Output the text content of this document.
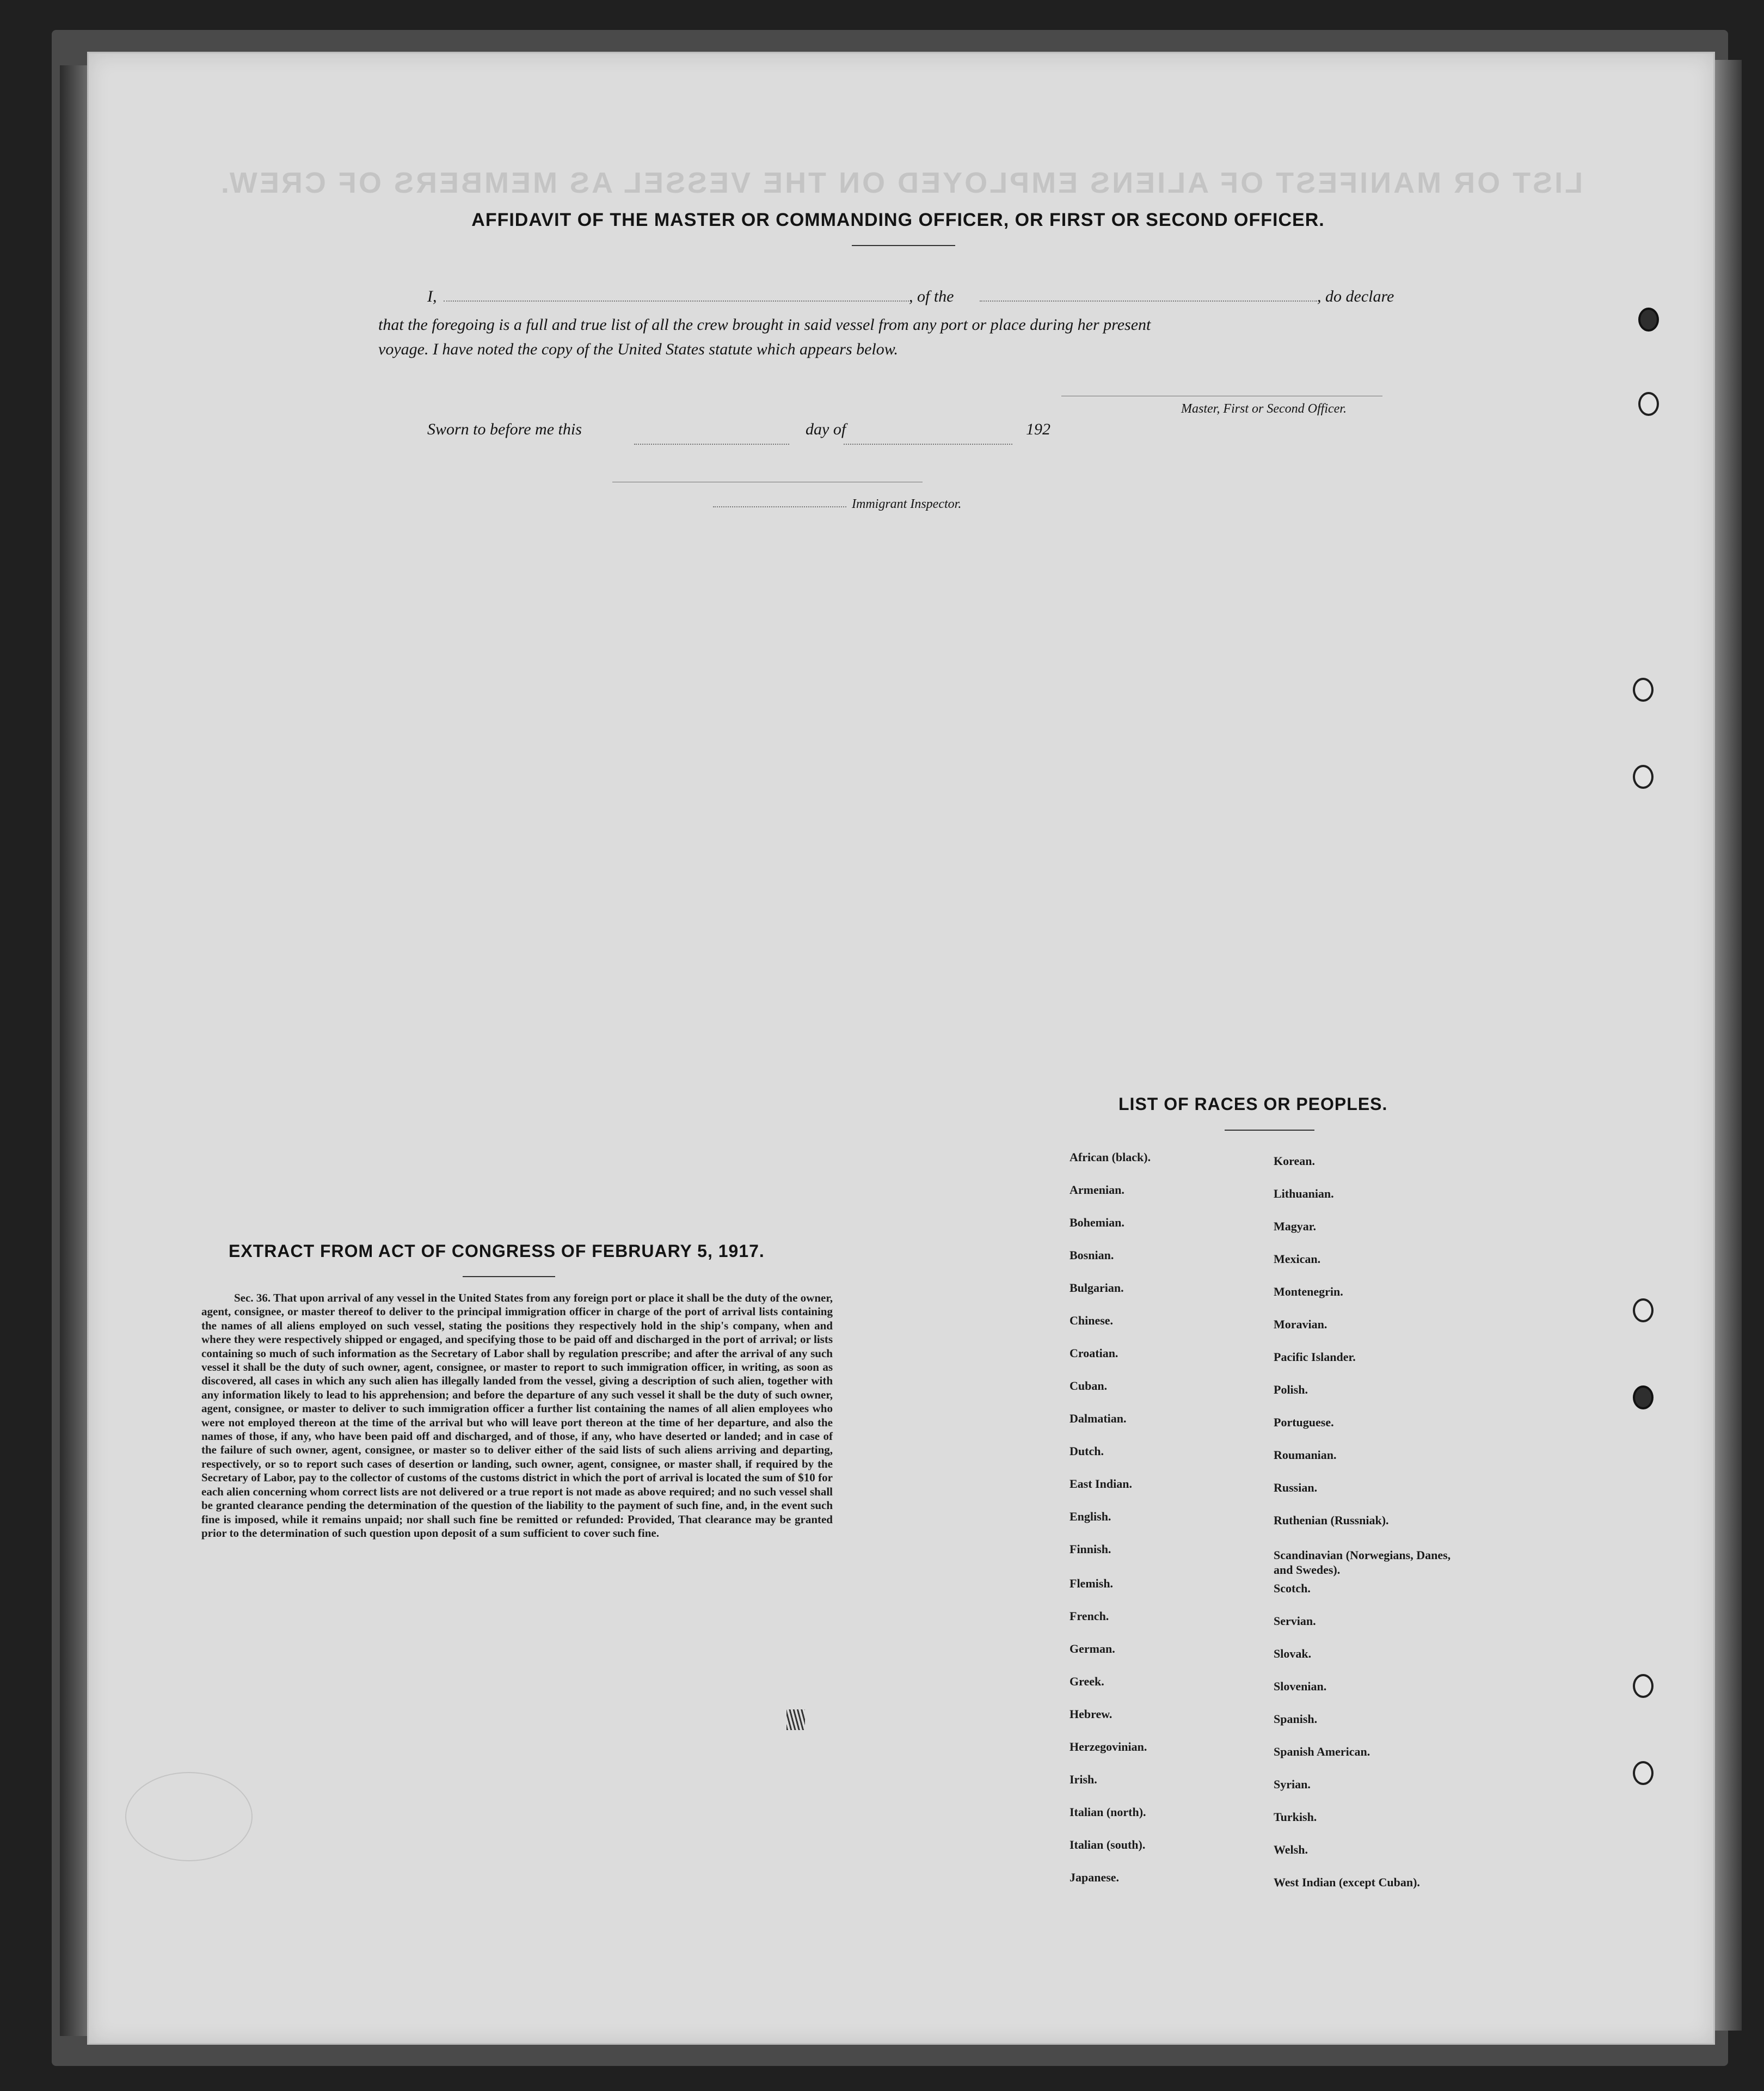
LIST OR MANIFEST OF ALIENS EMPLOYED ON THE VESSEL AS MEMBERS OF CREW.
AFFIDAVIT OF THE MASTER OR COMMANDING OFFICER, OR FIRST OR SECOND OFFICER.
I,	, of the	, do declare
that the foregoing is a full and true list of all the crew brought in said vessel from any port or place during her present
voyage. I have noted the copy of the United States statute which appears below.
Master, First or Second Officer.
Sworn to before me this	day of	192
Immigrant Inspector.
EXTRACT FROM ACT OF CONGRESS OF FEBRUARY 5, 1917.
Sec. 36. That upon arrival of any vessel in the United States from any foreign port or place it shall be the duty of the owner, agent, consignee, or master thereof to deliver to the principal immigration officer in charge of the port of arrival lists containing the names of all aliens employed on such vessel, stating the positions they respectively hold in the ship's company, when and where they were respectively shipped or engaged, and specifying those to be paid off and discharged in the port of arrival; or lists containing so much of such information as the Secretary of Labor shall by regulation prescribe; and after the arrival of any such vessel it shall be the duty of such owner, agent, consignee, or master to report to such immigration officer, in writing, as soon as discovered, all cases in which any such alien has illegally landed from the vessel, giving a description of such alien, together with any information likely to lead to his apprehension; and before the departure of any such vessel it shall be the duty of such owner, agent, consignee, or master to deliver to such immigration officer a further list containing the names of all alien employees who were not employed thereon at the time of the arrival but who will leave port thereon at the time of her departure, and also the names of those, if any, who have been paid off and discharged, and of those, if any, who have deserted or landed; and in case of the failure of such owner, agent, consignee, or master so to deliver either of the said lists of such aliens arriving and departing, respectively, or so to report such cases of desertion or landing, such owner, agent, consignee, or master shall, if required by the Secretary of Labor, pay to the collector of customs of the customs district in which the port of arrival is located the sum of $10 for each alien concerning whom correct lists are not delivered or a true report is not made as above required; and no such vessel shall be granted clearance pending the determination of the question of the liability to the payment of such fine, and, in the event such fine is imposed, while it remains unpaid; nor shall such fine be remitted or refunded: Provided, That clearance may be granted prior to the determination of such question upon deposit of a sum sufficient to cover such fine.
LIST OF RACES OR PEOPLES.
African (black).
Armenian.
Bohemian.
Bosnian.
Bulgarian.
Chinese.
Croatian.
Cuban.
Dalmatian.
Dutch.
East Indian.
English.
Finnish.
Flemish.
French.
German.
Greek.
Hebrew.
Herzegovinian.
Irish.
Italian (north).
Italian (south).
Japanese.
Korean.
Lithuanian.
Magyar.
Mexican.
Montenegrin.
Moravian.
Pacific Islander.
Polish.
Portuguese.
Roumanian.
Russian.
Ruthenian (Russniak).
Scandinavian (Norwegians, Danes, and Swedes).
Scotch.
Servian.
Slovak.
Slovenian.
Spanish.
Spanish American.
Syrian.
Turkish.
Welsh.
West Indian (except Cuban).
